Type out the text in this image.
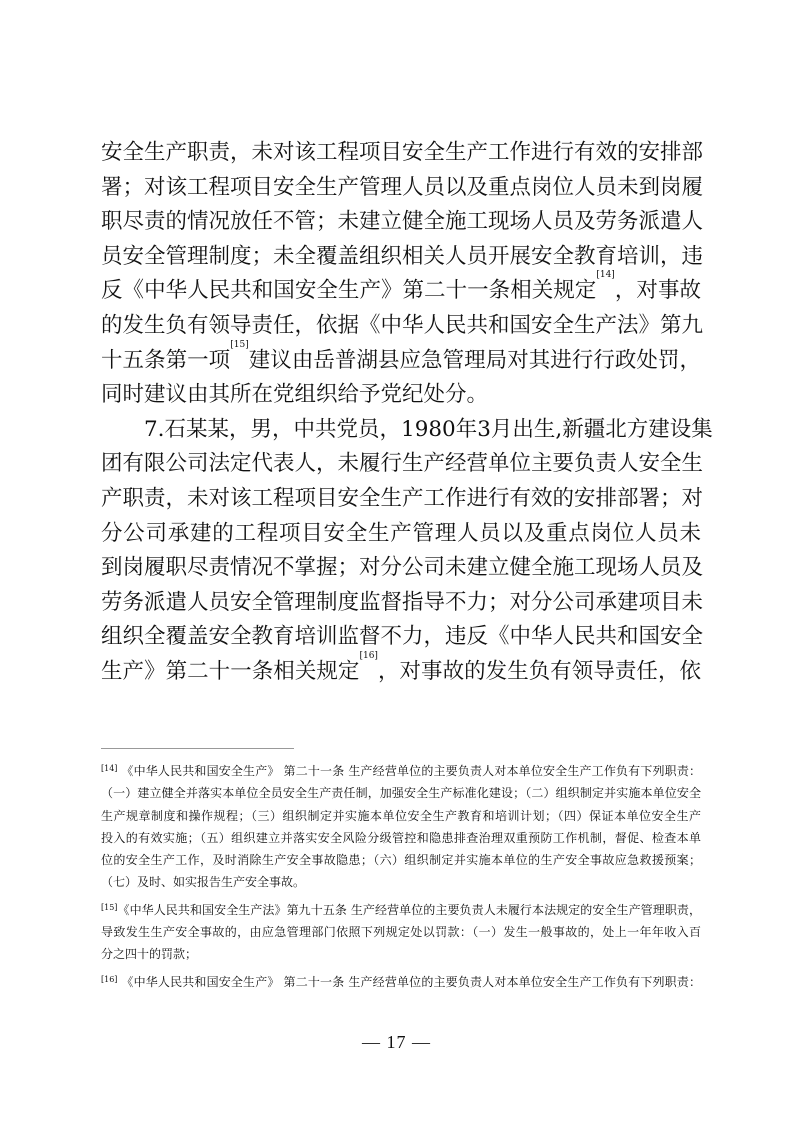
安全生产职责，未对该工程项目安全生产工作进行有效的安排部
署；对该工程项目安全生产管理人员以及重点岗位人员未到岗履
职尽责的情况放任不管；未建立健全施工现场人员及劳务派遣人
员安全管理制度；未全覆盖组织相关人员开展安全教育培训，违
反《中华人民共和国安全生产》第二十一条相关规定[14]，对事故
的发生负有领导责任，依据《中华人民共和国安全生产法》第九
十五条第一项[15]建议由岳普湖县应急管理局对其进行行政处罚，
同时建议由其所在党组织给予党纪处分。
7.石某某，男，中共党员，1980年3月出生,新疆北方建设集
团有限公司法定代表人，未履行生产经营单位主要负责人安全生
产职责，未对该工程项目安全生产工作进行有效的安排部署；对
分公司承建的工程项目安全生产管理人员以及重点岗位人员未
到岗履职尽责情况不掌握；对分公司未建立健全施工现场人员及
劳务派遣人员安全管理制度监督指导不力；对分公司承建项目未
组织全覆盖安全教育培训监督不力，违反《中华人民共和国安全
生产》第二十一条相关规定[16]，对事故的发生负有领导责任，依
[14] 《中华人民共和国安全生产》 第二十一条 生产经营单位的主要负责人对本单位安全生产工作负有下列职责：
（一）建立健全并落实本单位全员安全生产责任制，加强安全生产标准化建设；（二）组织制定并实施本单位安全
生产规章制度和操作规程；（三）组织制定并实施本单位安全生产教育和培训计划；（四）保证本单位安全生产
投入的有效实施；（五）组织建立并落实安全风险分级管控和隐患排查治理双重预防工作机制，督促、检查本单
位的安全生产工作，及时消除生产安全事故隐患；（六）组织制定并实施本单位的生产安全事故应急救援预案；
（七）及时、如实报告生产安全事故。
[15]《中华人民共和国安全生产法》第九十五条 生产经营单位的主要负责人未履行本法规定的安全生产管理职责，
导致发生生产安全事故的，由应急管理部门依照下列规定处以罚款：（一）发生一般事故的，处上一年年收入百
分之四十的罚款；
[16] 《中华人民共和国安全生产》 第二十一条 生产经营单位的主要负责人对本单位安全生产工作负有下列职责：
— 17 —
